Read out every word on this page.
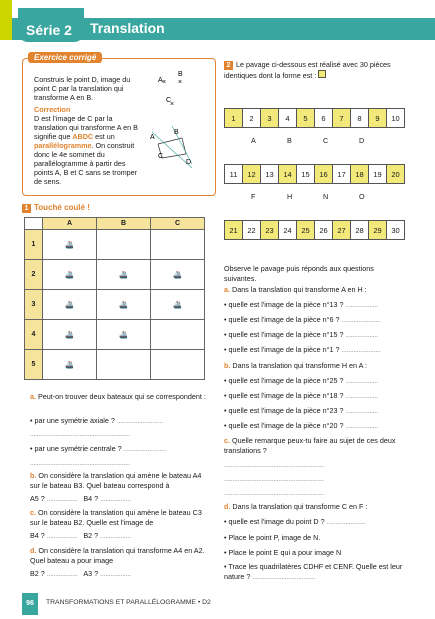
Série 2 Translation
Exercice corrigé
Construis le point D, image du point C par la translation qui transforme A en B.
Correction
D est l'image de C par la translation qui transforme A en B signifie que ABDC est un parallélogramme. On construit donc le 4e sommet du parallélogramme à partir des points A, B et C sans se tromper de sens.
A
B
C
× ×
×
A
B
C
D
1 Touché coulé !
	A	B	C
1	🚢		
2	🚢	🚢	🚢
3	🚢	🚢	🚢
4	🚢	🚢	
5	🚢		
a. Peut-on trouver deux bateaux qui se correspondent :
• par une symétrie axiale ? ...........................
...........................................................
• par une symétrie centrale ? .........................
...........................................................
b. On considère la translation qui amène le bateau A4 sur le bateau B3. Quel bateau correspond à
A5 ? .................. B4 ? ..................
c. On considère la translation qui amène le bateau C3 sur le bateau B2. Quelle est l'image de
B4 ? .................. B2 ? ..................
d. On considère la translation qui transforme A4 en A2. Quel bateau a pour image
B2 ? .................. A3 ? ..................
2 Le pavage ci-dessous est réalisé avec 30 pièces identiques dont la forme est :
1	2	3	4	5	6	7	8	9	10
A	B	C	D
11	12	13	14	15	16	17	18	19	20
F	H	N	O
21	22	23	24	25	26	27	28	29	30
Observe le pavage puis réponds aux questions suivantes.
a. Dans la translation qui transforme A en H :
• quelle est l'image de la pièce n°13 ? ...................
• quelle est l'image de la pièce n°6 ? .......................
• quelle est l'image de la pièce n°15 ? ...................
• quelle est l'image de la pièce n°1 ? .......................
b. Dans la translation qui transforme H en A :
• quelle est l'image de la pièce n°25 ? ...................
• quelle est l'image de la pièce n°18 ? ...................
• quelle est l'image de la pièce n°23 ? ...................
• quelle est l'image de la pièce n°20 ? ...................
c. Quelle remarque peux-tu faire au sujet de ces deux translations ?
...........................................................
...........................................................
...........................................................
d. Dans la translation qui transforme C en F :
• quelle est l'image du point D ? .......................
• Place le point P, image de N.
• Place le point E qui a pour image N
• Trace les quadrilatères CDHF et CENF. Quelle est leur nature ? .....................................
96	TRANSFORMATIONS ET PARALLÉLOGRAMME • D2
